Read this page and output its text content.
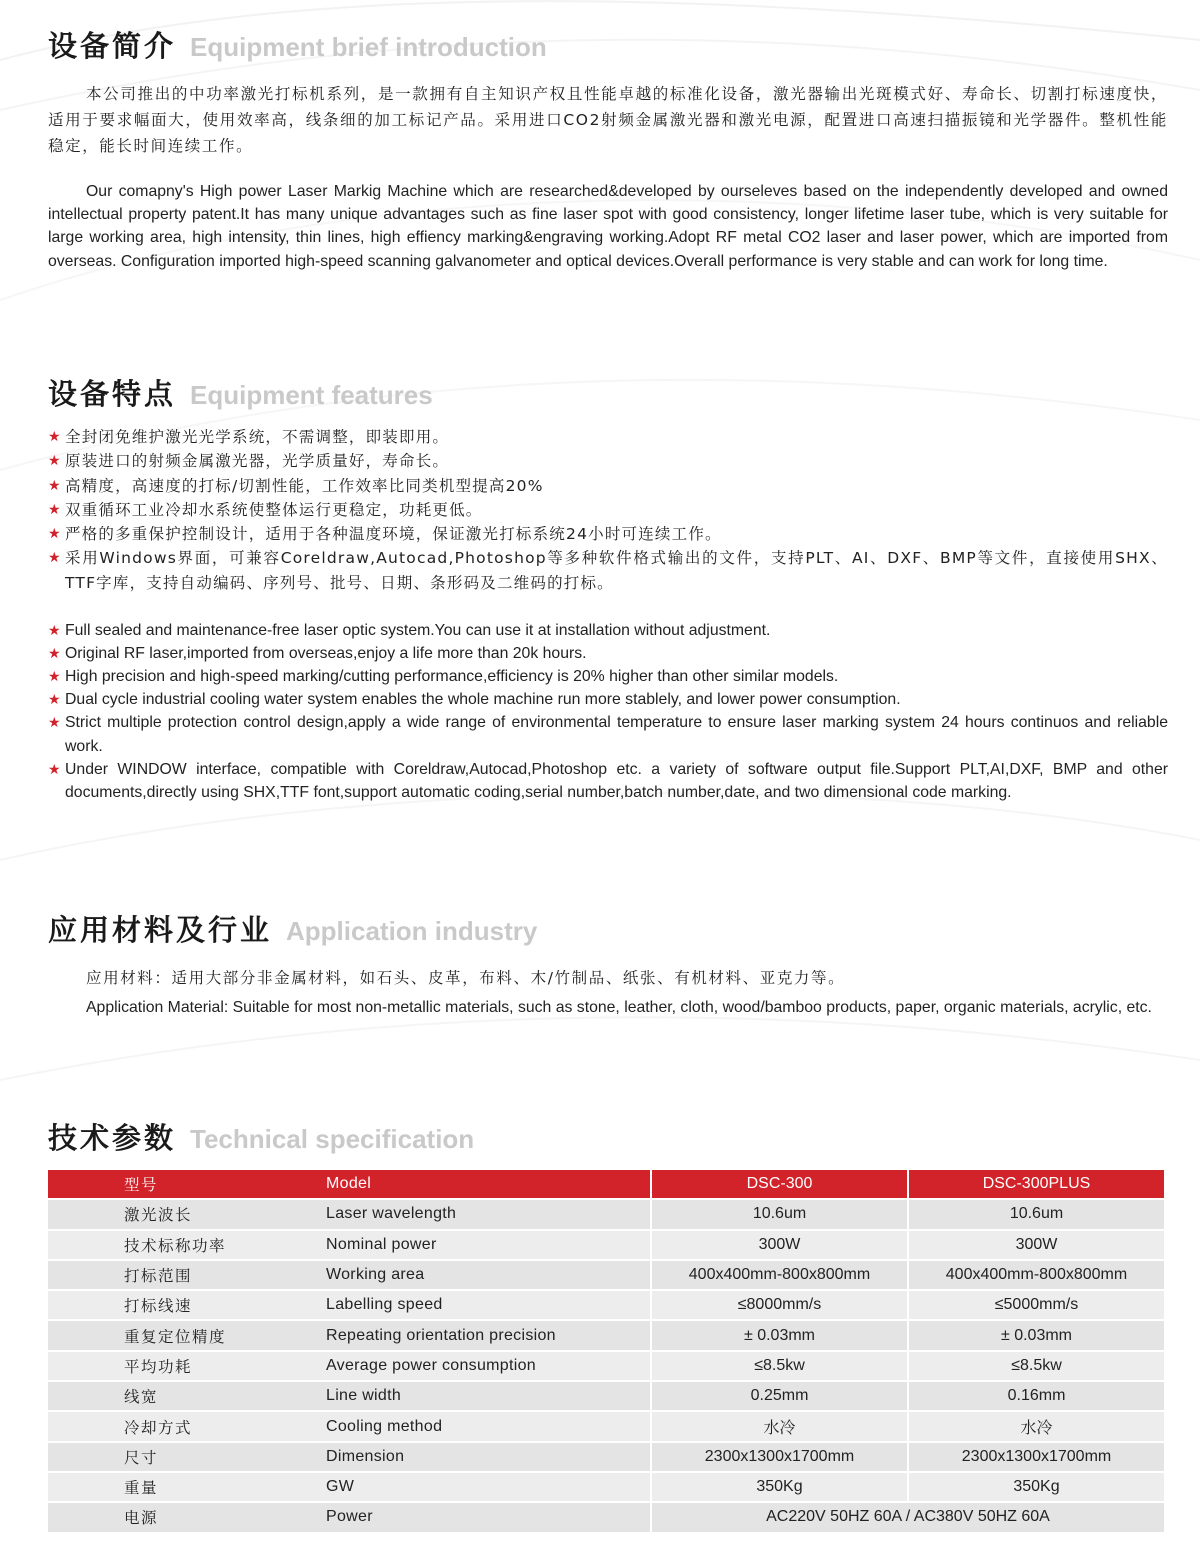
设备简介 Equipment brief introduction

本公司推出的中功率激光打标机系列，是一款拥有自主知识产权且性能卓越的标准化设备，激光器输出光斑模式好、寿命长、切割打标速度快，适用于要求幅面大，使用效率高，线条细的加工标记产品。采用进口CO2射频金属激光器和激光电源，配置进口高速扫描振镜和光学器件。整机性能稳定，能长时间连续工作。

Our comapny's High power Laser Markig Machine which are researched&developed by ourseleves based on the independently developed and owned intellectual property patent.It has many unique advantages such as fine laser spot with good consistency, longer lifetime laser tube, which is very suitable for large working area, high intensity, thin lines, high effiency marking&engraving working.Adopt RF metal CO2 laser and laser power, which are imported from overseas. Configuration imported high-speed scanning galvanometer and optical devices.Overall performance is very stable and can work for long time.

设备特点 Equipment features
★ 全封闭免维护激光光学系统，不需调整，即装即用。
★ 原装进口的射频金属激光器，光学质量好，寿命长。
★ 高精度，高速度的打标/切割性能，工作效率比同类机型提高20%
★ 双重循环工业冷却水系统使整体运行更稳定，功耗更低。
★ 严格的多重保护控制设计，适用于各种温度环境，保证激光打标系统24小时可连续工作。
★ 采用Windows界面，可兼容Coreldraw,Autocad,Photoshop等多种软件格式输出的文件，支持PLT、AI、DXF、BMP等文件，直接使用SHX、TTF字库，支持自动编码、序列号、批号、日期、条形码及二维码的打标。
★ Full sealed and maintenance-free laser optic system.You can use it at installation without adjustment.
★ Original RF laser,imported from overseas,enjoy a life more than 20k hours.
★ High precision and high-speed marking/cutting performance,efficiency is 20% higher than other similar models.
★ Dual cycle industrial cooling water system enables the whole machine run more stablely, and lower power consumption.
★ Strict multiple protection control design,apply a wide range of environmental temperature to ensure laser marking system 24 hours continuos and reliable work.
★ Under WINDOW interface, compatible with Coreldraw,Autocad,Photoshop etc. a variety of software output file.Support PLT,AI,DXF, BMP and other documents,directly using SHX,TTF font,support automatic coding,serial number,batch number,date, and two dimensional code marking.
应用材料及行业 Application industry

应用材料：适用大部分非金属材料，如石头、皮革，布料、木/竹制品、纸张、有机材料、亚克力等。

Application Material: Suitable for most non-metallic materials, such as stone, leather, cloth, wood/bamboo products, paper, organic materials, acrylic, etc.

技术参数 Technical specification
型号	Model	DSC-300	DSC-300PLUS
激光波长	Laser wavelength	10.6um	10.6um
技术标称功率	Nominal power	300W	300W
打标范围	Working area	400x400mm-800x800mm	400x400mm-800x800mm
打标线速	Labelling speed	≤8000mm/s	≤5000mm/s
重复定位精度	Repeating orientation precision	± 0.03mm	± 0.03mm
平均功耗	Average power consumption	≤8.5kw	≤8.5kw
线宽	Line width	0.25mm	0.16mm
冷却方式	Cooling method	水冷	水冷
尺寸	Dimension	2300x1300x1700mm	2300x1300x1700mm
重量	GW	350Kg	350Kg
电源	Power	AC220V 50HZ 60A / AC380V 50HZ 60A	
